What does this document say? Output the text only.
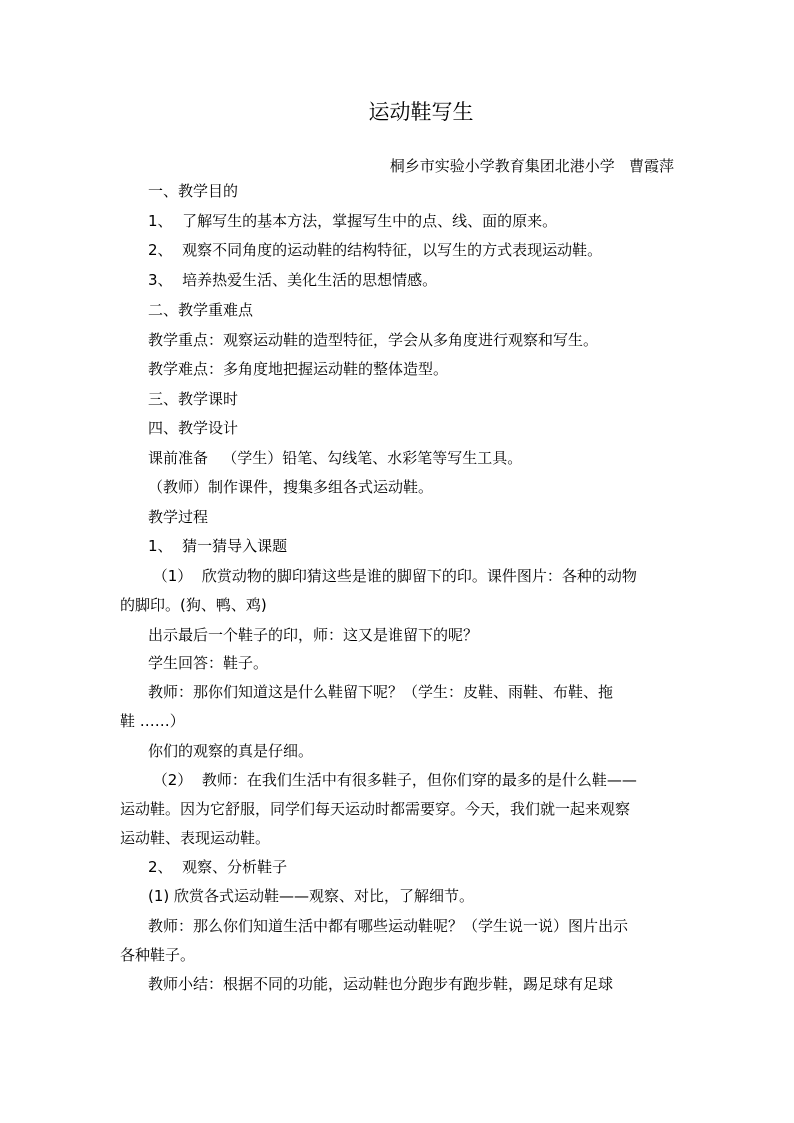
运动鞋写生
桐乡市实验小学教育集团北港小学   曹霞萍
一、教学目的
1、  了解写生的基本方法，掌握写生中的点、线、面的原来。
2、  观察不同角度的运动鞋的结构特征，以写生的方式表现运动鞋。
3、  培养热爱生活、美化生活的思想情感。
二、教学重难点
教学重点：观察运动鞋的造型特征，学会从多角度进行观察和写生。
教学难点：多角度地把握运动鞋的整体造型。
三、教学课时
四、教学设计
课前准备   （学生）铅笔、勾线笔、水彩笔等写生工具。
（教师）制作课件，搜集多组各式运动鞋。
教学过程
1、  猜一猜导入课题
（1）  欣赏动物的脚印猜这些是谁的脚留下的印。课件图片：各种的动物
的脚印。(狗、鸭、鸡)
出示最后一个鞋子的印，师：这又是谁留下的呢？
学生回答：鞋子。
教师：那你们知道这是什么鞋留下呢？（学生：皮鞋、雨鞋、布鞋、拖
鞋 ……）
你们的观察的真是仔细。
（2）  教师：在我们生活中有很多鞋子，但你们穿的最多的是什么鞋——
运动鞋。因为它舒服，同学们每天运动时都需要穿。今天，我们就一起来观察
运动鞋、表现运动鞋。
2、  观察、分析鞋子
(1) 欣赏各式运动鞋——观察、对比，了解细节。
教师：那么你们知道生活中都有哪些运动鞋呢？（学生说一说）图片出示
各种鞋子。
教师小结：根据不同的功能，运动鞋也分跑步有跑步鞋，踢足球有足球
